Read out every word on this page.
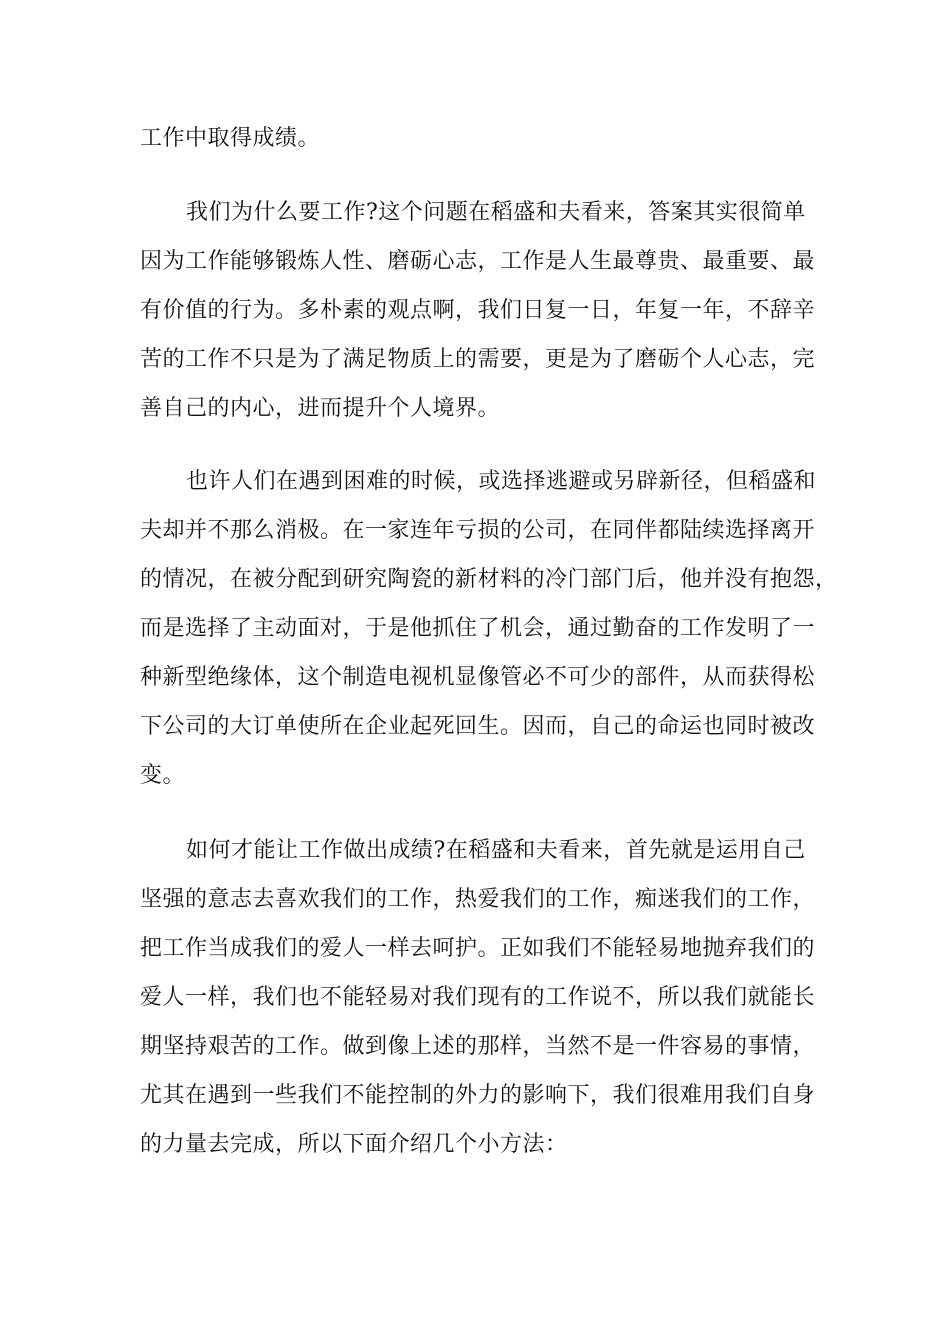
工作中取得成绩。
我们为什么要工作?这个问题在稻盛和夫看来，答案其实很简单
因为工作能够锻炼人性、磨砺心志，工作是人生最尊贵、最重要、最
有价值的行为。多朴素的观点啊，我们日复一日，年复一年，不辞辛
苦的工作不只是为了满足物质上的需要，更是为了磨砺个人心志，完
善自己的内心，进而提升个人境界。
也许人们在遇到困难的时候，或选择逃避或另辟新径，但稻盛和
夫却并不那么消极。在一家连年亏损的公司，在同伴都陆续选择离开
的情况，在被分配到研究陶瓷的新材料的冷门部门后，他并没有抱怨，
而是选择了主动面对，于是他抓住了机会，通过勤奋的工作发明了一
种新型绝缘体，这个制造电视机显像管必不可少的部件，从而获得松
下公司的大订单使所在企业起死回生。因而，自己的命运也同时被改
变。
如何才能让工作做出成绩?在稻盛和夫看来，首先就是运用自己
坚强的意志去喜欢我们的工作，热爱我们的工作，痴迷我们的工作，
把工作当成我们的爱人一样去呵护。正如我们不能轻易地抛弃我们的
爱人一样，我们也不能轻易对我们现有的工作说不，所以我们就能长
期坚持艰苦的工作。做到像上述的那样，当然不是一件容易的事情，
尤其在遇到一些我们不能控制的外力的影响下，我们很难用我们自身
的力量去完成，所以下面介绍几个小方法：
